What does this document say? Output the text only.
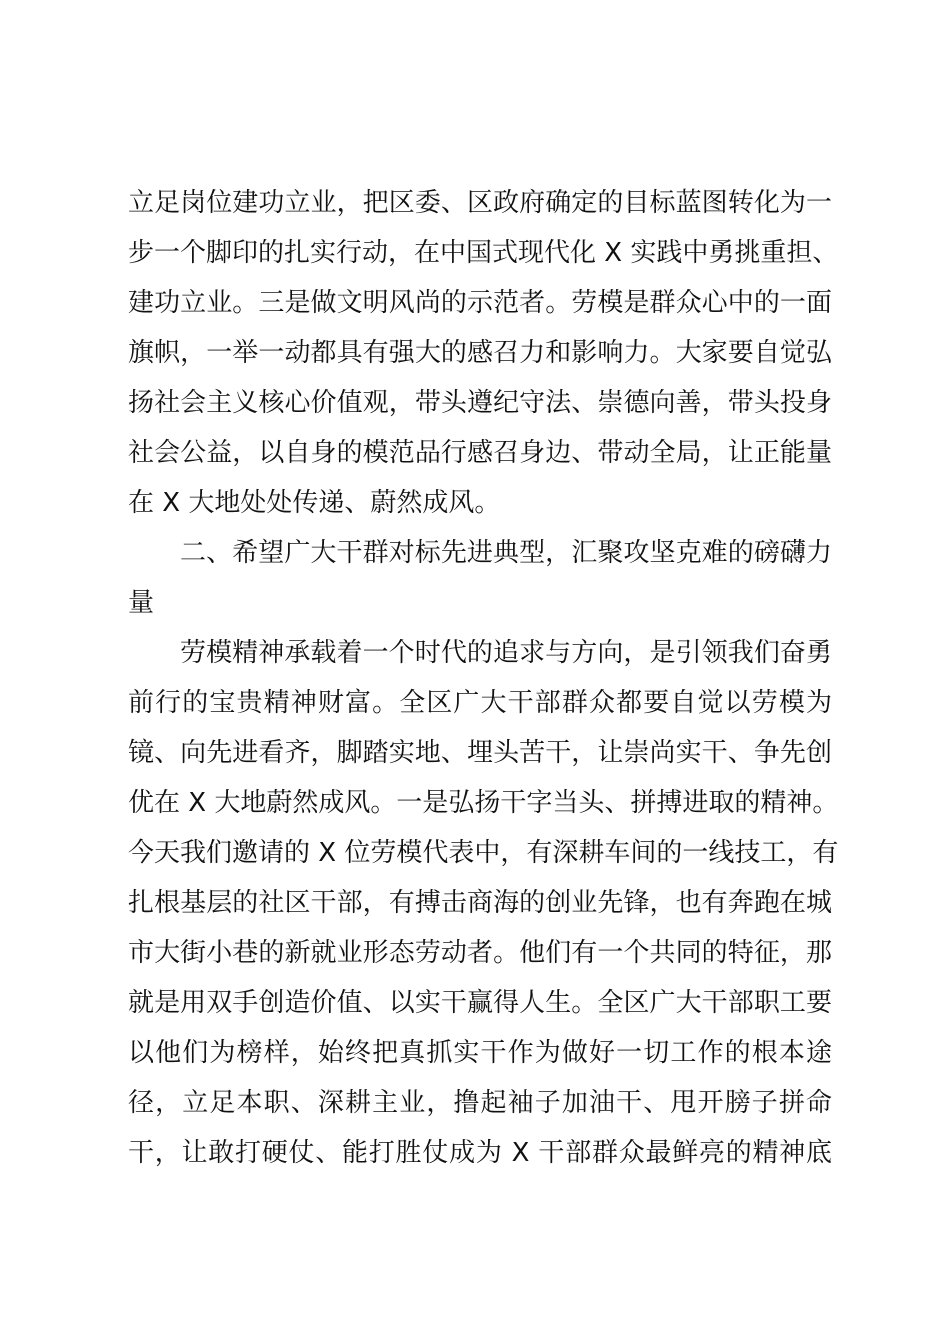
立足岗位建功立业，把区委、区政府确定的目标蓝图转化为一
步一个脚印的扎实行动，在中国式现代化 X 实践中勇挑重担、
建功立业。三是做文明风尚的示范者。劳模是群众心中的一面
旗帜，一举一动都具有强大的感召力和影响力。大家要自觉弘
扬社会主义核心价值观，带头遵纪守法、崇德向善，带头投身
社会公益，以自身的模范品行感召身边、带动全局，让正能量
在 X 大地处处传递、蔚然成风。
二、希望广大干群对标先进典型，汇聚攻坚克难的磅礴力
量
劳模精神承载着一个时代的追求与方向，是引领我们奋勇
前行的宝贵精神财富。全区广大干部群众都要自觉以劳模为
镜、向先进看齐，脚踏实地、埋头苦干，让崇尚实干、争先创
优在 X 大地蔚然成风。一是弘扬干字当头、拼搏进取的精神。
今天我们邀请的 X 位劳模代表中，有深耕车间的一线技工，有
扎根基层的社区干部，有搏击商海的创业先锋，也有奔跑在城
市大街小巷的新就业形态劳动者。他们有一个共同的特征，那
就是用双手创造价值、以实干赢得人生。全区广大干部职工要
以他们为榜样，始终把真抓实干作为做好一切工作的根本途
径，立足本职、深耕主业，撸起袖子加油干、甩开膀子拼命
干，让敢打硬仗、能打胜仗成为 X 干部群众最鲜亮的精神底
